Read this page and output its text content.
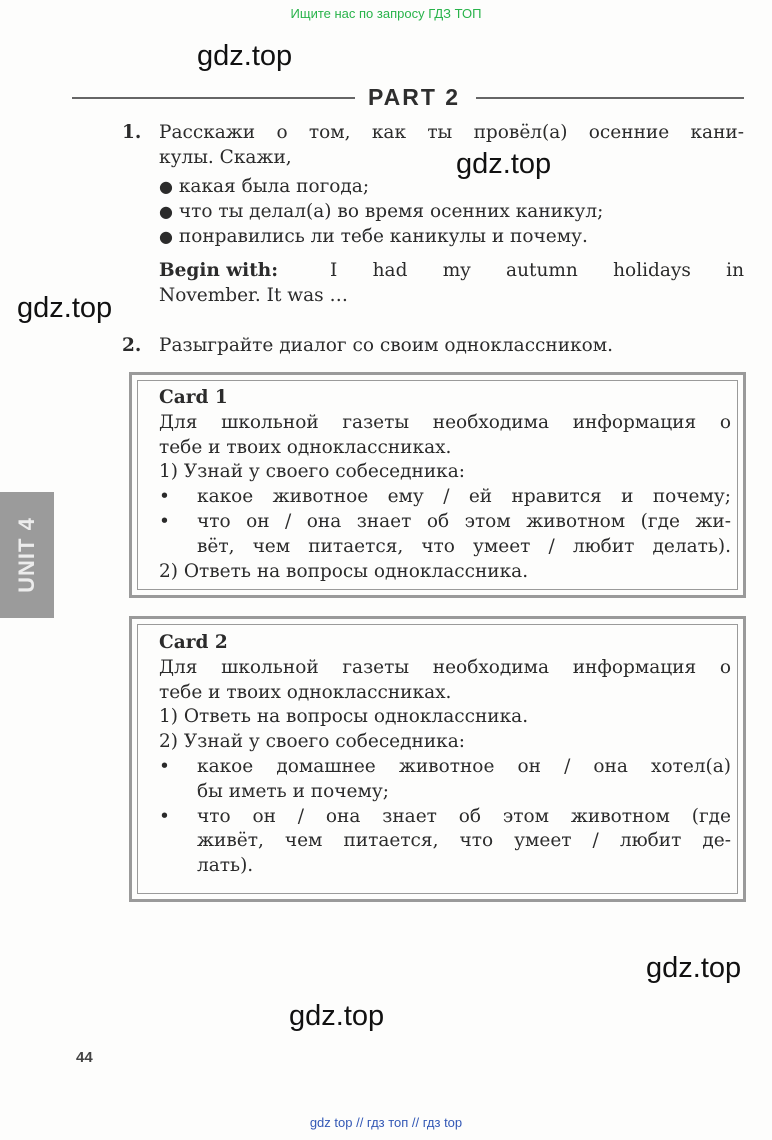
Ищите нас по запросу ГДЗ ТОП
gdz.top
gdz.top
gdz.top
gdz.top
gdz.top
PART 2
1. Расскажи о том, как ты провёл(а) осенние кани-
кулы. Скажи,
● какая была погода;
● что ты делал(а) во время осенних каникул;
● понравились ли тебе каникулы и почему.
Begin with:	I had my autumn holidays in
November. It was …
2. Разыграйте диалог со своим одноклассником.
UNIT 4
Card 1
Для школьной газеты необходима информация о
тебе и твоих одноклассниках.
1) Узнай у своего собеседника:
•	какое животное ему / ей нравится и почему;
•	что он / она знает об этом животном (где жи-
вёт, чем питается, что умеет / любит делать).
2) Ответь на вопросы одноклассника.
Card 2
Для школьной газеты необходима информация о
тебе и твоих одноклассниках.
1) Ответь на вопросы одноклассника.
2) Узнай у своего собеседника:
•	какое домашнее животное он / она хотел(а)
бы иметь и почему;
•	что он / она знает об этом животном (где
живёт, чем питается, что умеет / любит де-
лать).
44
gdz top // гдз топ // гдз top
